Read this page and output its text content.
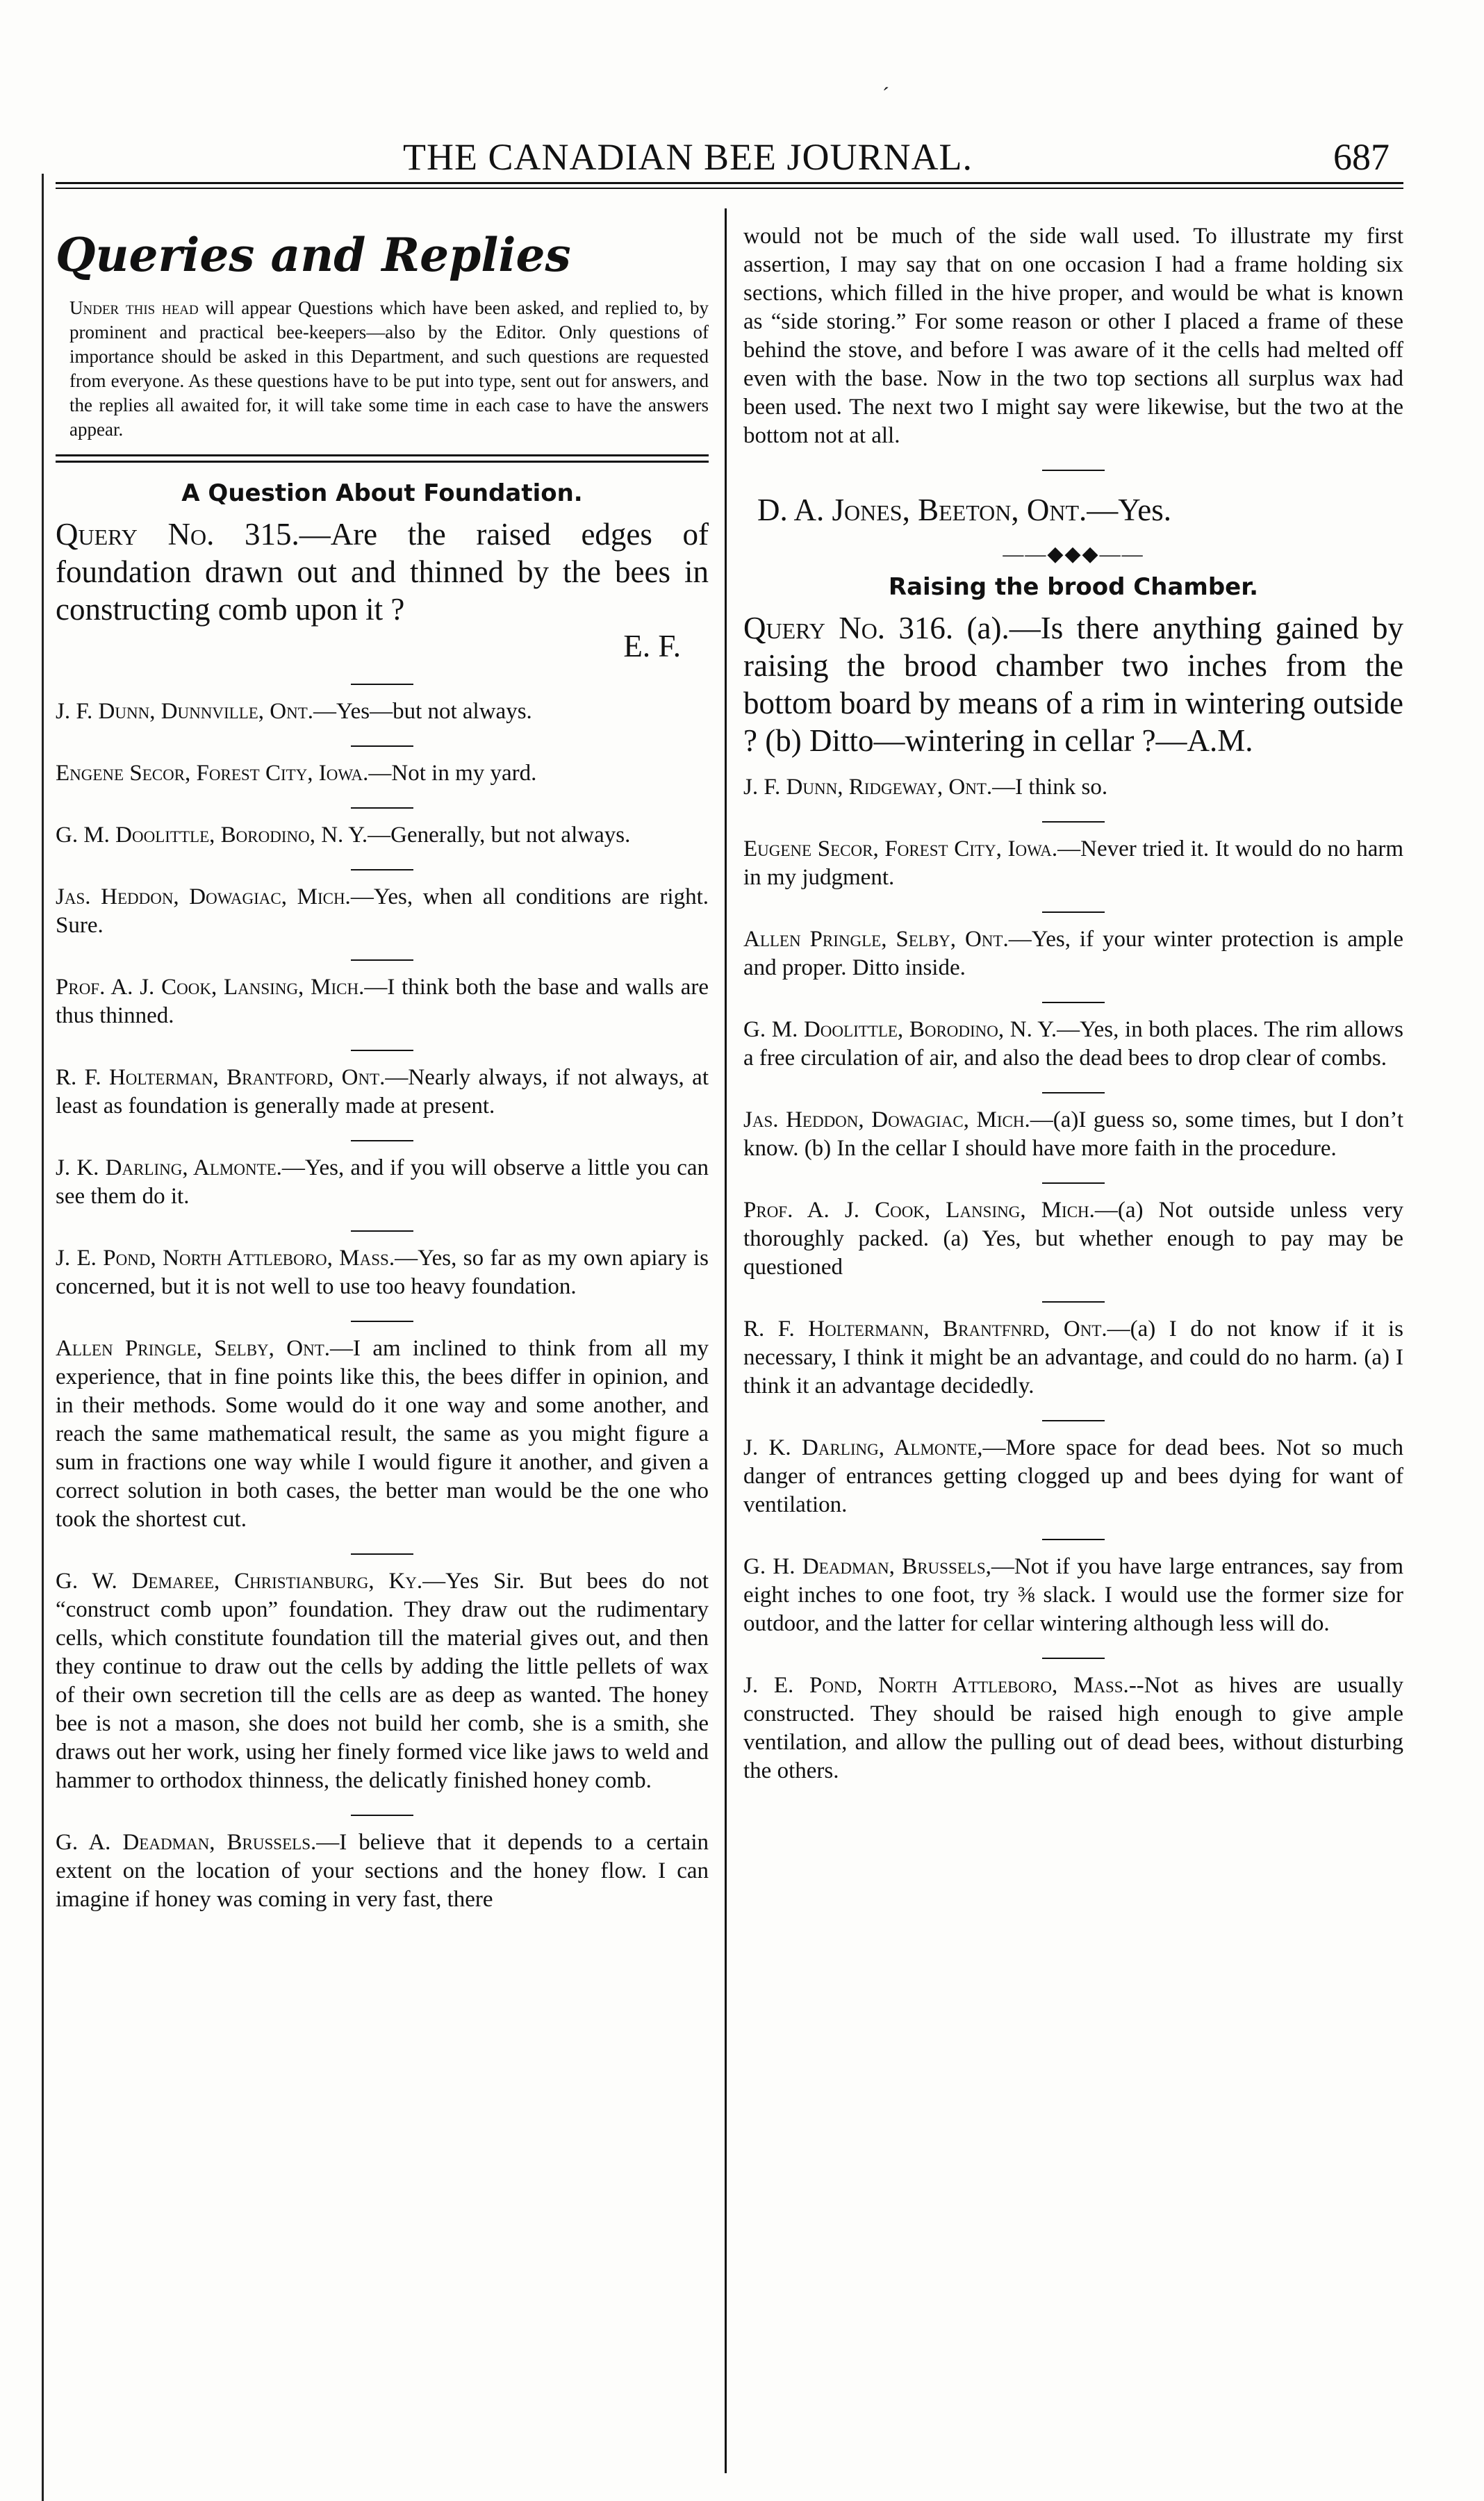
ˊ
THE CANADIAN BEE JOURNAL.	687
Queries and Replies

Under this head will appear Questions which have been asked, and replied to, by prominent and practical bee-keepers—also by the Editor. Only questions of importance should be asked in this Department, and such questions are requested from everyone. As these questions have to be put into type, sent out for answers, and the replies all awaited for, it will take some time in each case to have the answers appear.

A Question About Foundation.

Query No. 315.—Are the raised edges of foundation drawn out and thinned by the bees in constructing comb upon it ?

E. F.

J. F. Dunn, Dunnville, Ont.—Yes—but not always.

Engene Secor, Forest City, Iowa.—Not in my yard.

G. M. Doolittle, Borodino, N. Y.—Generally, but not always.

Jas. Heddon, Dowagiac, Mich.—Yes, when all conditions are right. Sure.

Prof. A. J. Cook, Lansing, Mich.—I think both the base and walls are thus thinned.

R. F. Holterman, Brantford, Ont.—Nearly always, if not always, at least as foundation is generally made at present.

J. K. Darling, Almonte.—Yes, and if you will observe a little you can see them do it.

J. E. Pond, North Attleboro, Mass.—Yes, so far as my own apiary is concerned, but it is not well to use too heavy foundation.

Allen Pringle, Selby, Ont.—I am inclined to think from all my experience, that in fine points like this, the bees differ in opinion, and in their methods. Some would do it one way and some another, and reach the same mathematical result, the same as you might figure a sum in fractions one way while I would figure it another, and given a correct solution in both cases, the better man would be the one who took the shortest cut.

G. W. Demaree, Christianburg, Ky.—Yes Sir. But bees do not “construct comb upon” foundation. They draw out the rudimentary cells, which constitute foundation till the material gives out, and then they continue to draw out the cells by adding the little pellets of wax of their own secretion till the cells are as deep as wanted. The honey bee is not a mason, she does not build her comb, she is a smith, she draws out her work, using her finely formed vice like jaws to weld and hammer to orthodox thinness, the delicatly finished honey comb.

G. A. Deadman, Brussels.—I believe that it depends to a certain extent on the location of your sections and the honey flow. I can imagine if honey was coming in very fast, there

would not be much of the side wall used. To illustrate my first assertion, I may say that on one occasion I had a frame holding six sections, which filled in the hive proper, and would be what is known as “side storing.” For some reason or other I placed a frame of these behind the stove, and before I was aware of it the cells had melted off even with the base. Now in the two top sections all surplus wax had been used. The next two I might say were likewise, but the two at the bottom not at all.

D. A. Jones, Beeton, Ont.—Yes.

——◆◆◆——
Raising the brood Chamber.

Query No. 316. (a).—Is there anything gained by raising the brood chamber two inches from the bottom board by means of a rim in wintering outside ? (b) Ditto—wintering in cellar ?—A.M.

J. F. Dunn, Ridgeway, Ont.—I think so.

Eugene Secor, Forest City, Iowa.—Never tried it. It would do no harm in my judgment.

Allen Pringle, Selby, Ont.—Yes, if your winter protection is ample and proper. Ditto inside.

G. M. Doolittle, Borodino, N. Y.—Yes, in both places. The rim allows a free circulation of air, and also the dead bees to drop clear of combs.

Jas. Heddon, Dowagiac, Mich.—(a)I guess so, some times, but I don’t know. (b) In the cellar I should have more faith in the procedure.

Prof. A. J. Cook, Lansing, Mich.—(a) Not outside unless very thoroughly packed. (a) Yes, but whether enough to pay may be questioned

R. F. Holtermann, Brantfnrd, Ont.—(a) I do not know if it is necessary, I think it might be an advantage, and could do no harm. (a) I think it an advantage decidedly.

J. K. Darling, Almonte,—More space for dead bees. Not so much danger of entrances getting clogged up and bees dying for want of ventilation.

G. H. Deadman, Brussels,—Not if you have large entrances, say from eight inches to one foot, try ⅜ slack. I would use the former size for outdoor, and the latter for cellar wintering although less will do.

J. E. Pond, North Attleboro, Mass.--Not as hives are usually constructed. They should be raised high enough to give ample ventilation, and allow the pulling out of dead bees, without disturbing the others.
